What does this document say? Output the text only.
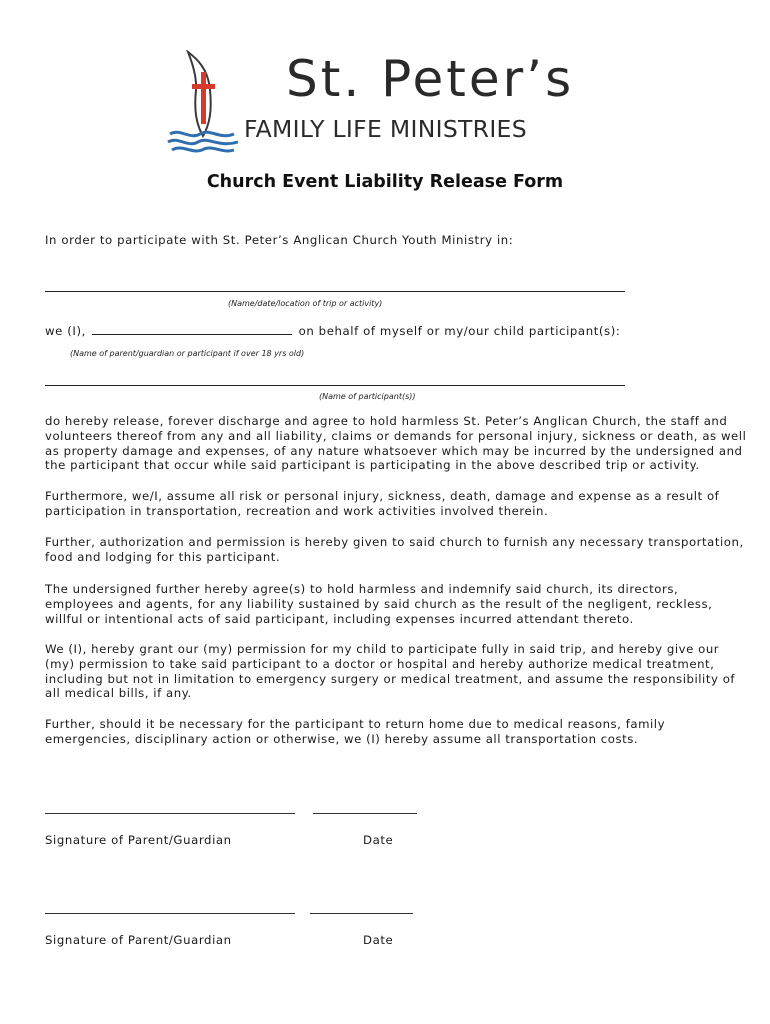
St. Peter’s
FAMILY LIFE MINISTRIES
Church Event Liability Release Form
In order to participate with St. Peter’s Anglican Church Youth Ministry in:
(Name/date/location of trip or activity)
we (I),	on behalf of myself or my/our child participant(s):
(Name of parent/guardian or participant if over 18 yrs old)
(Name of participant(s))
do hereby release, forever discharge and agree to hold harmless St. Peter’s Anglican Church, the staff and
volunteers thereof from any and all liability, claims or demands for personal injury, sickness or death, as well
as property damage and expenses, of any nature whatsoever which may be incurred by the undersigned and
the participant that occur while said participant is participating in the above described trip or activity.
Furthermore, we/I, assume all risk or personal injury, sickness, death, damage and expense as a result of
participation in transportation, recreation and work activities involved therein.
Further, authorization and permission is hereby given to said church to furnish any necessary transportation,
food and lodging for this participant.
The undersigned further hereby agree(s) to hold harmless and indemnify said church, its directors,
employees and agents, for any liability sustained by said church as the result of the negligent, reckless,
willful or intentional acts of said participant, including expenses incurred attendant thereto.
We (I), hereby grant our (my) permission for my child to participate fully in said trip, and hereby give our
(my) permission to take said participant to a doctor or hospital and hereby authorize medical treatment,
including but not in limitation to emergency surgery or medical treatment, and assume the responsibility of
all medical bills, if any.
Further, should it be necessary for the participant to return home due to medical reasons, family
emergencies, disciplinary action or otherwise, we (I) hereby assume all transportation costs.
Signature of Parent/Guardian	Date
Signature of Parent/Guardian	Date
